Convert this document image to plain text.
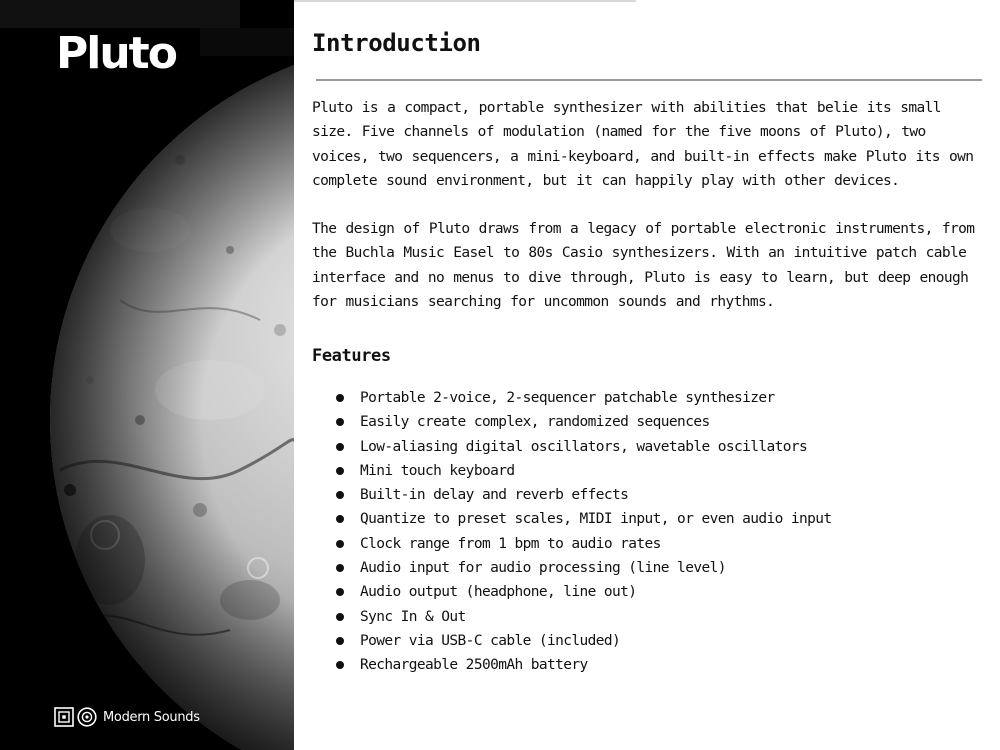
Pluto
Modern Sounds
Introduction

Pluto is a compact, portable synthesizer with abilities that belie its small size. Five channels of modulation (named for the five moons of Pluto), two voices, two sequencers, a mini-keyboard, and built-in effects make Pluto its own complete sound environment, but it can happily play with other devices.

The design of Pluto draws from a legacy of portable electronic instruments, from the Buchla Music Easel to 80s Casio synthesizers. With an intuitive patch cable interface and no menus to dive through, Pluto is easy to learn, but deep enough for musicians searching for uncommon sounds and rhythms.

Features
Portable 2-voice, 2-sequencer patchable synthesizer
Easily create complex, randomized sequences
Low-aliasing digital oscillators, wavetable oscillators
Mini touch keyboard
Built-in delay and reverb effects
Quantize to preset scales, MIDI input, or even audio input
Clock range from 1 bpm to audio rates
Audio input for audio processing (line level)
Audio output (headphone, line out)
Sync In & Out
Power via USB-C cable (included)
Rechargeable 2500mAh battery
